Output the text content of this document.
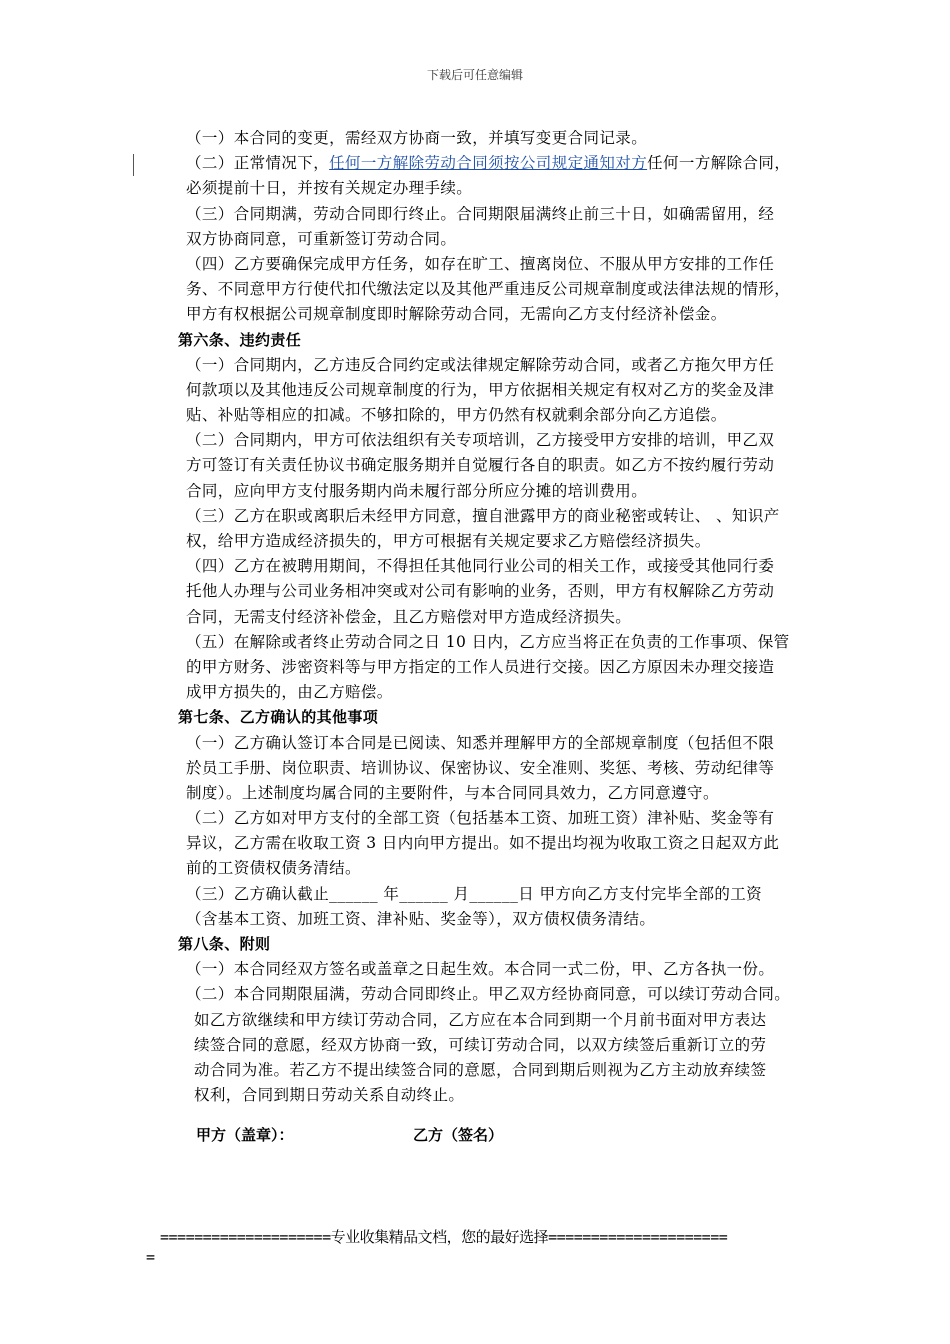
下载后可任意编辑
（一）本合同的变更，需经双方协商一致，并填写变更合同记录。
（二）正常情况下，任何一方解除劳动合同须按公司规定通知对方任何一方解除合同，
必须提前十日，并按有关规定办理手续。
（三）合同期满，劳动合同即行终止。合同期限届满终止前三十日，如确需留用，经
双方协商同意，可重新签订劳动合同。
（四）乙方要确保完成甲方任务，如存在旷工、擅离岗位、不服从甲方安排的工作任
务、不同意甲方行使代扣代缴法定以及其他严重违反公司规章制度或法律法规的情形，
甲方有权根据公司规章制度即时解除劳动合同，无需向乙方支付经济补偿金。
第六条、违约责任
（一）合同期内，乙方违反合同约定或法律规定解除劳动合同，或者乙方拖欠甲方任
何款项以及其他违反公司规章制度的行为，甲方依据相关规定有权对乙方的奖金及津
贴、补贴等相应的扣减。不够扣除的，甲方仍然有权就剩余部分向乙方追偿。
（二）合同期内，甲方可依法组织有关专项培训，乙方接受甲方安排的培训，甲乙双
方可签订有关责任协议书确定服务期并自觉履行各自的职责。如乙方不按约履行劳动
合同，应向甲方支付服务期内尚未履行部分所应分摊的培训费用。
（三）乙方在职或离职后未经甲方同意，擅自泄露甲方的商业秘密或转让、 、知识产
权，给甲方造成经济损失的，甲方可根据有关规定要求乙方赔偿经济损失。
（四）乙方在被聘用期间，不得担任其他同行业公司的相关工作，或接受其他同行委
托他人办理与公司业务相冲突或对公司有影响的业务，否则，甲方有权解除乙方劳动
合同，无需支付经济补偿金，且乙方赔偿对甲方造成经济损失。
（五）在解除或者终止劳动合同之日 10 日内，乙方应当将正在负责的工作事项、保管
的甲方财务、涉密资料等与甲方指定的工作人员进行交接。因乙方原因未办理交接造
成甲方损失的，由乙方赔偿。
第七条、乙方确认的其他事项
（一）乙方确认签订本合同是已阅读、知悉并理解甲方的全部规章制度（包括但不限
於员工手册、岗位职责、培训协议、保密协议、安全准则、奖惩、考核、劳动纪律等
制度）。上述制度均属合同的主要附件，与本合同同具效力，乙方同意遵守。
（二）乙方如对甲方支付的全部工资（包括基本工资、加班工资）津补贴、奖金等有
异议，乙方需在收取工资 3 日内向甲方提出。如不提出均视为收取工资之日起双方此
前的工资债权债务清结。
（三）乙方确认截止______ 年______ 月______日 甲方向乙方支付完毕全部的工资
（含基本工资、加班工资、津补贴、奖金等），双方债权债务清结。
第八条、附则
（一）本合同经双方签名或盖章之日起生效。本合同一式二份，甲、乙方各执一份。
（二）本合同期限届满，劳动合同即终止。甲乙双方经协商同意，可以续订劳动合同。
如乙方欲继续和甲方续订劳动合同，乙方应在本合同到期一个月前书面对甲方表达
续签合同的意愿，经双方协商一致，可续订劳动合同，以双方续签后重新订立的劳
动合同为准。若乙方不提出续签合同的意愿，合同到期后则视为乙方主动放弃续签
权利，合同到期日劳动关系自动终止。
甲方（盖章）：	乙方（签名）
====================专业收集精品文档，您的最好选择=====================
=
